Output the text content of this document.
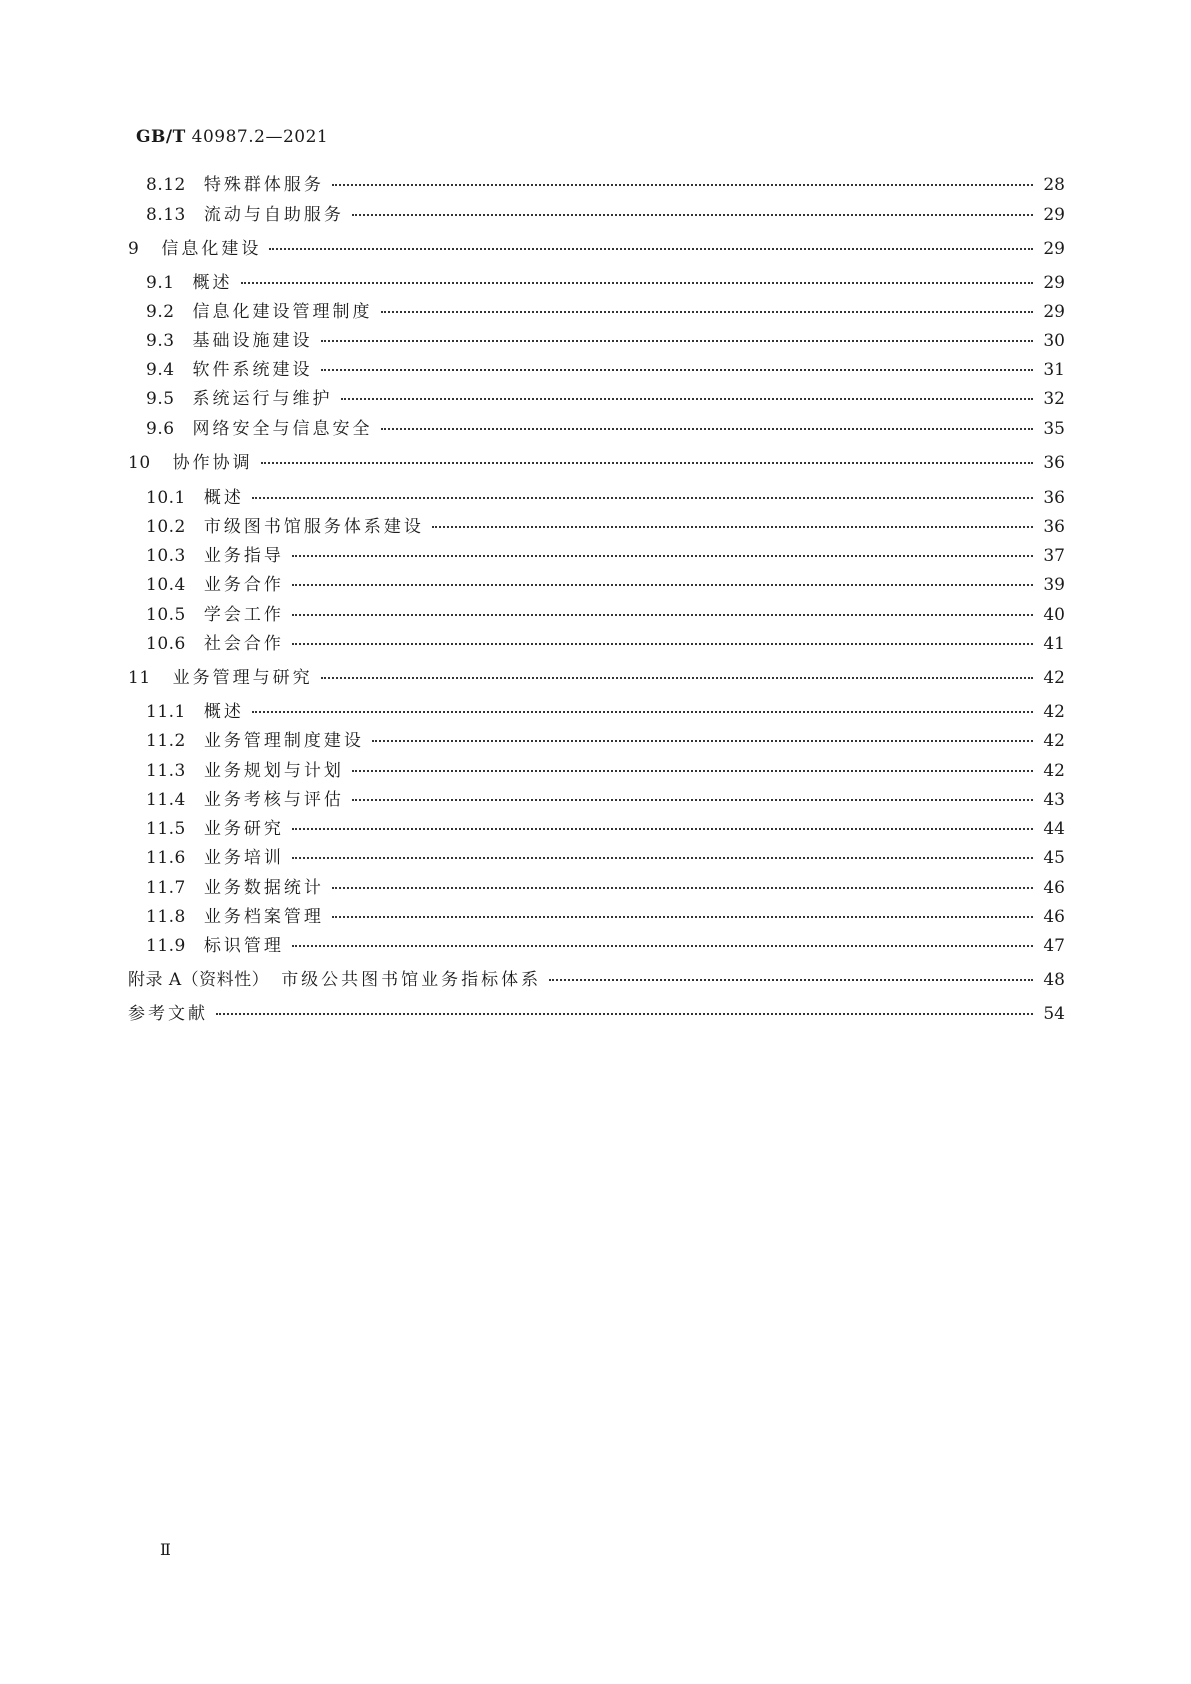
GB/T 40987.2—2021
8.12 特殊群体服务	28
8.13 流动与自助服务	29
9 信息化建设	29
9.1 概述	29
9.2 信息化建设管理制度	29
9.3 基础设施建设	30
9.4 软件系统建设	31
9.5 系统运行与维护	32
9.6 网络安全与信息安全	35
10 协作协调	36
10.1 概述	36
10.2 市级图书馆服务体系建设	36
10.3 业务指导	37
10.4 业务合作	39
10.5 学会工作	40
10.6 社会合作	41
11 业务管理与研究	42
11.1 概述	42
11.2 业务管理制度建设	42
11.3 业务规划与计划	42
11.4 业务考核与评估	43
11.5 业务研究	44
11.6 业务培训	45
11.7 业务数据统计	46
11.8 业务档案管理	46
11.9 标识管理	47
附录 A（资料性） 市级公共图书馆业务指标体系	48
参考文献	54
Ⅱ
